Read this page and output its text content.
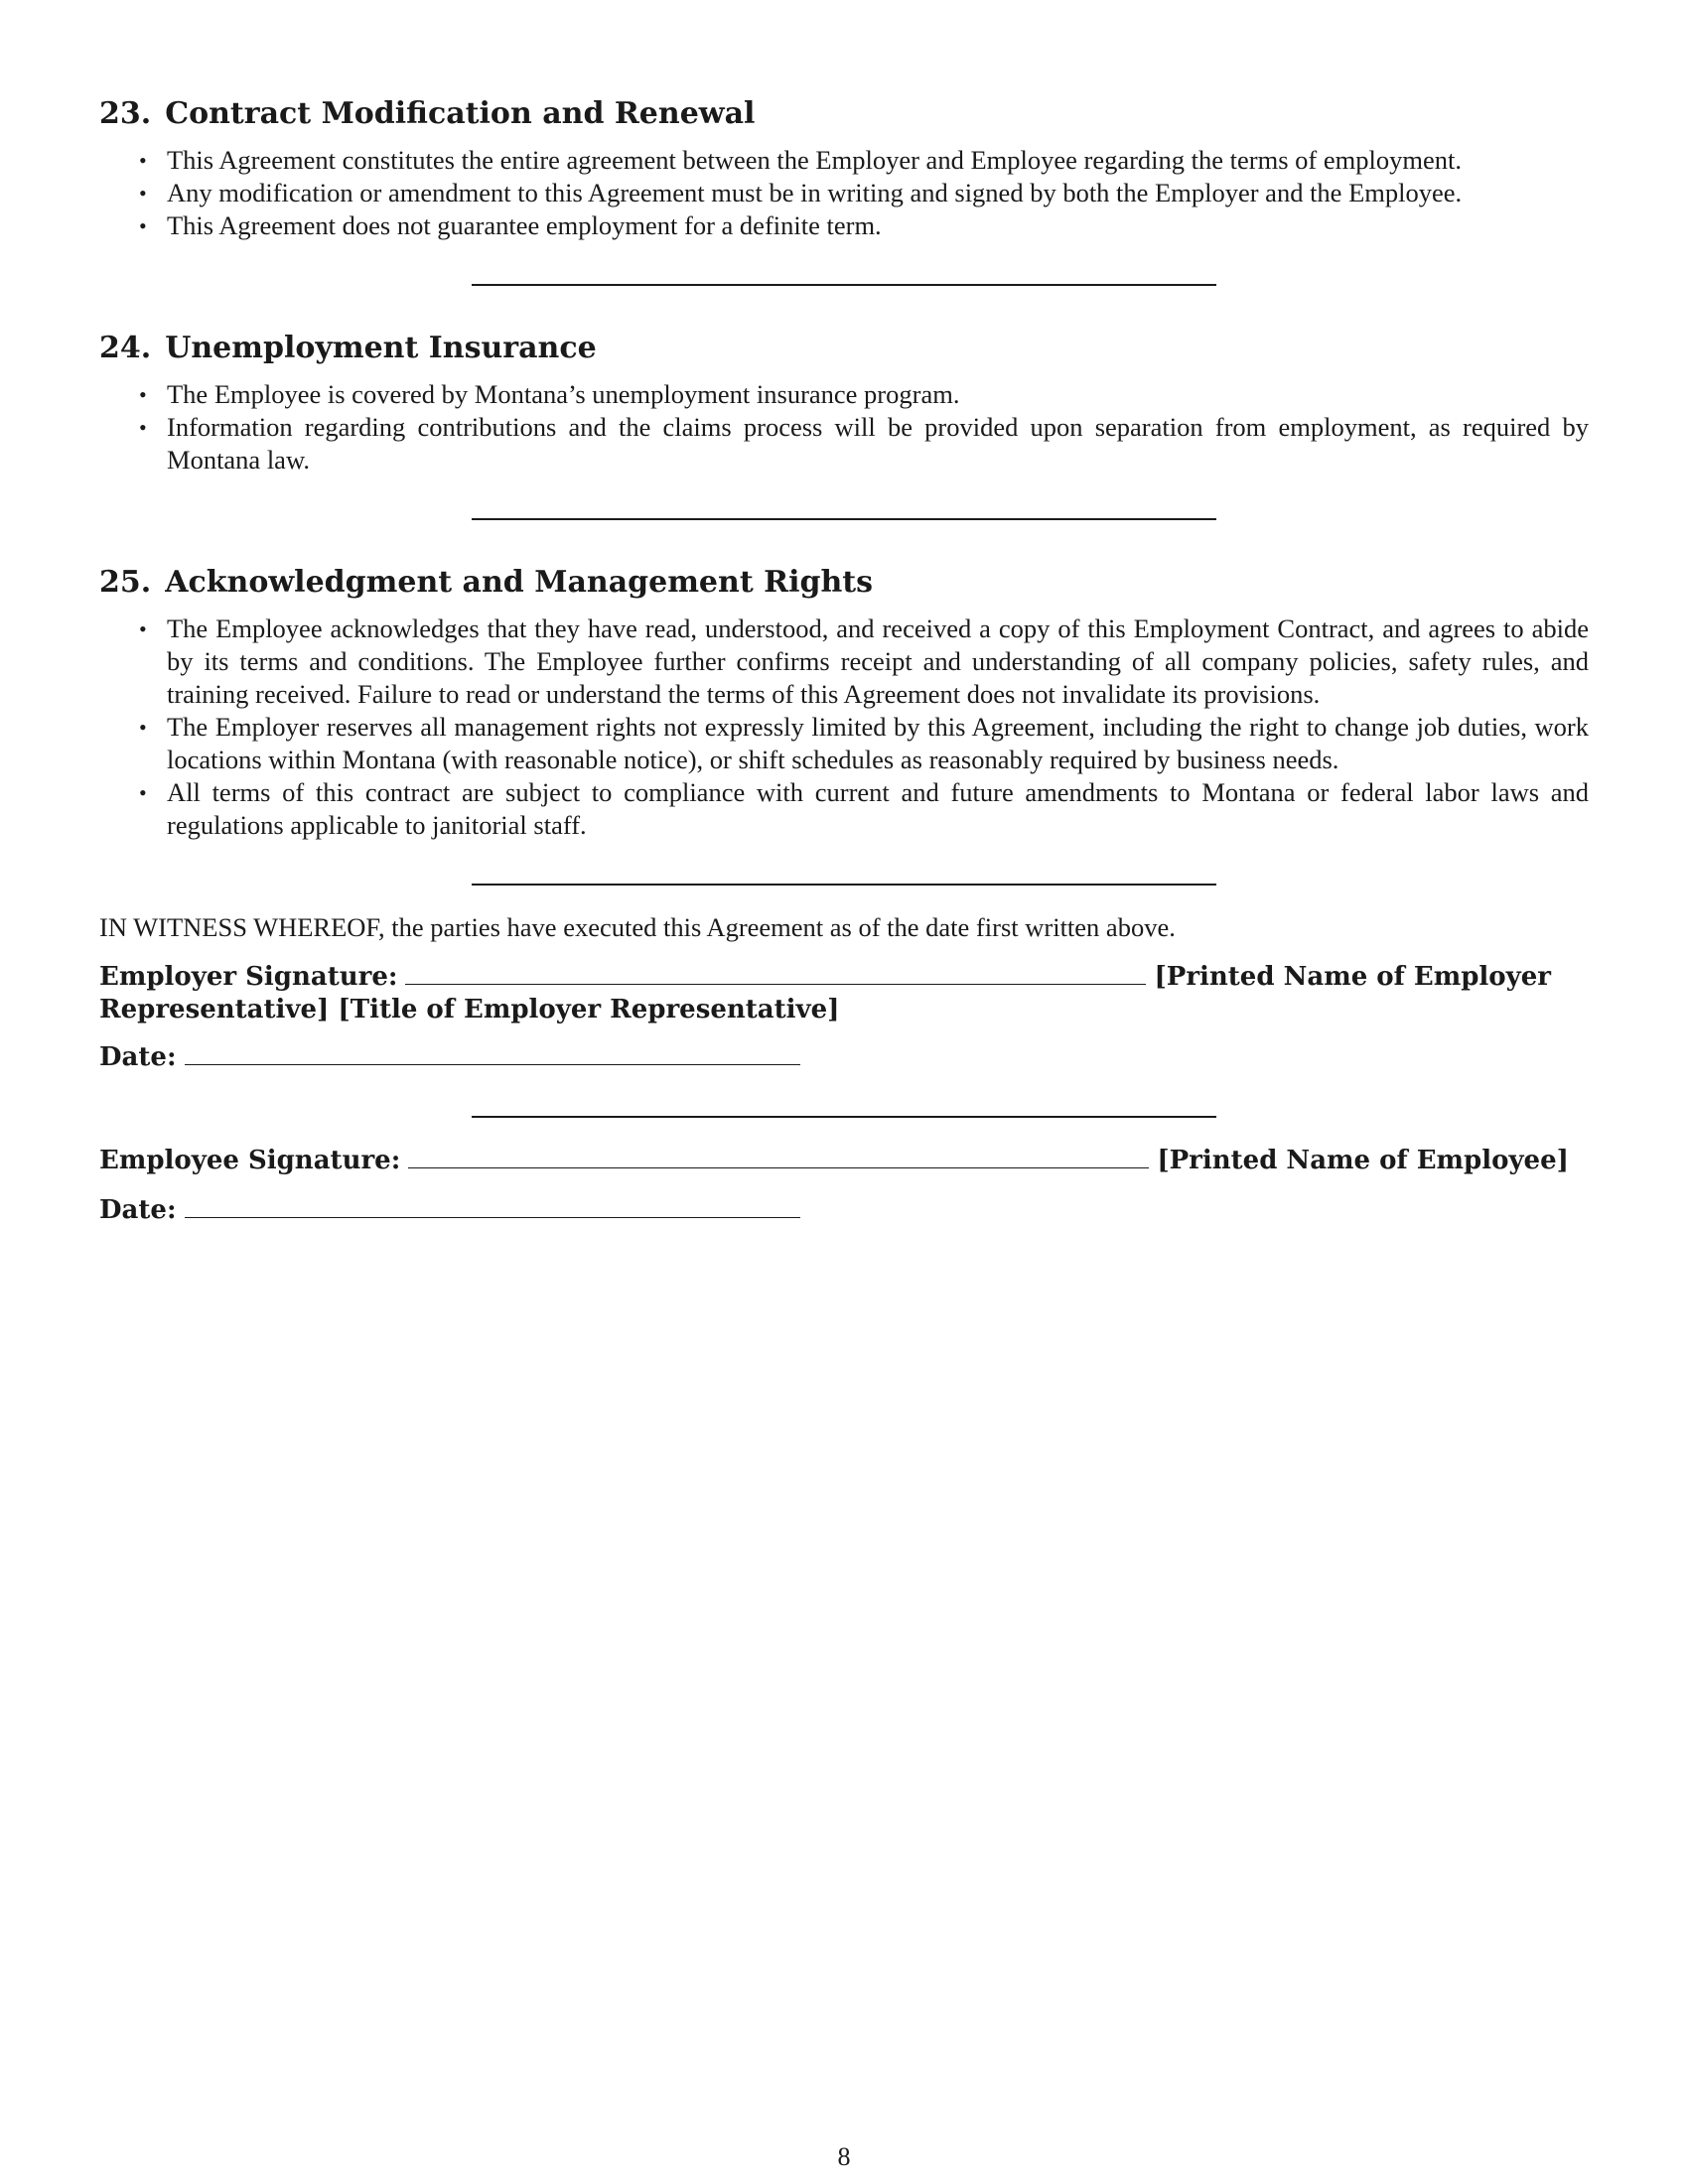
23. Contract Modification and Renewal
• This Agreement constitutes the entire agreement between the Employer and Employee regarding the terms of employment.
• Any modification or amendment to this Agreement must be in writing and signed by both the Employer and the Employee.
• This Agreement does not guarantee employment for a definite term.
24. Unemployment Insurance
• The Employee is covered by Montana’s unemployment insurance program.
• Information regarding contributions and the claims process will be provided upon separation from employment, as required by Montana law.
25. Acknowledgment and Management Rights
• The Employee acknowledges that they have read, understood, and received a copy of this Employment Contract, and agrees to abide by its terms and conditions. The Employee further confirms receipt and understanding of all company policies, safety rules, and training received. Failure to read or understand the terms of this Agreement does not invalidate its provisions.
• The Employer reserves all management rights not expressly limited by this Agreement, including the right to change job duties, work locations within Montana (with reasonable notice), or shift schedules as reasonably required by business needs.
• All terms of this contract are subject to compliance with current and future amendments to Montana or federal labor laws and regulations applicable to janitorial staff.

IN WITNESS WHEREOF, the parties have executed this Agreement as of the date first written above.

Employer Signature:	[Printed Name of Employer Representative] [Title of Employer Representative]

Date:

Employee Signature:	[Printed Name of Employee]

Date:

8
